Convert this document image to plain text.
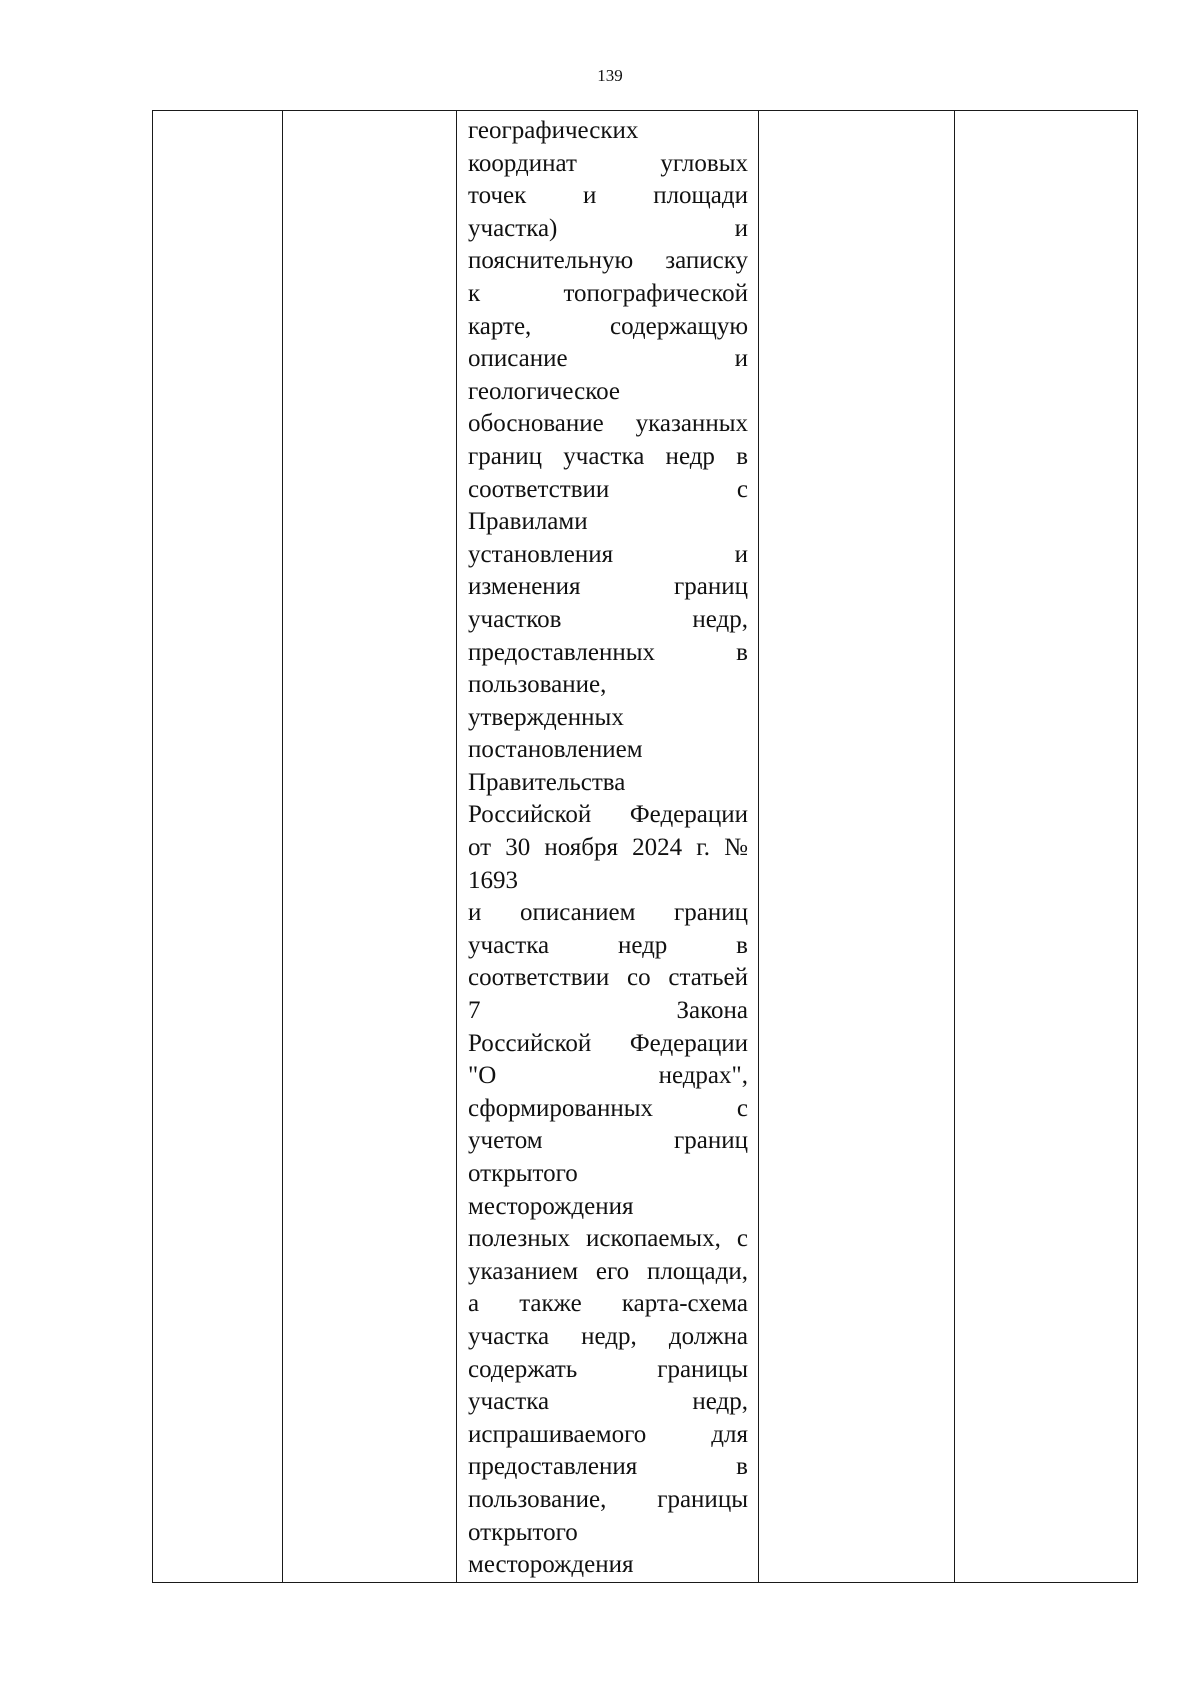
139

географических
координат угловых
точек и площади
участка) и
пояснительную записку
к топографической
карте, содержащую
описание и
геологическое
обоснование указанных
границ участка недр в
соответствии с
Правилами
установления и
изменения границ
участков недр,
предоставленных в
пользование,
утвержденных
постановлением
Правительства
Российской Федерации
от 30 ноября 2024 г. №
1693
и описанием границ
участка недр в
соответствии со статьей
7 Закона
Российской Федерации
"О недрах",
сформированных с
учетом границ
открытого
месторождения
полезных ископаемых, с
указанием его площади,
а также карта-схема
участка недр, должна
содержать границы
участка недр,
испрашиваемого для
предоставления в
пользование, границы
открытого
месторождения
